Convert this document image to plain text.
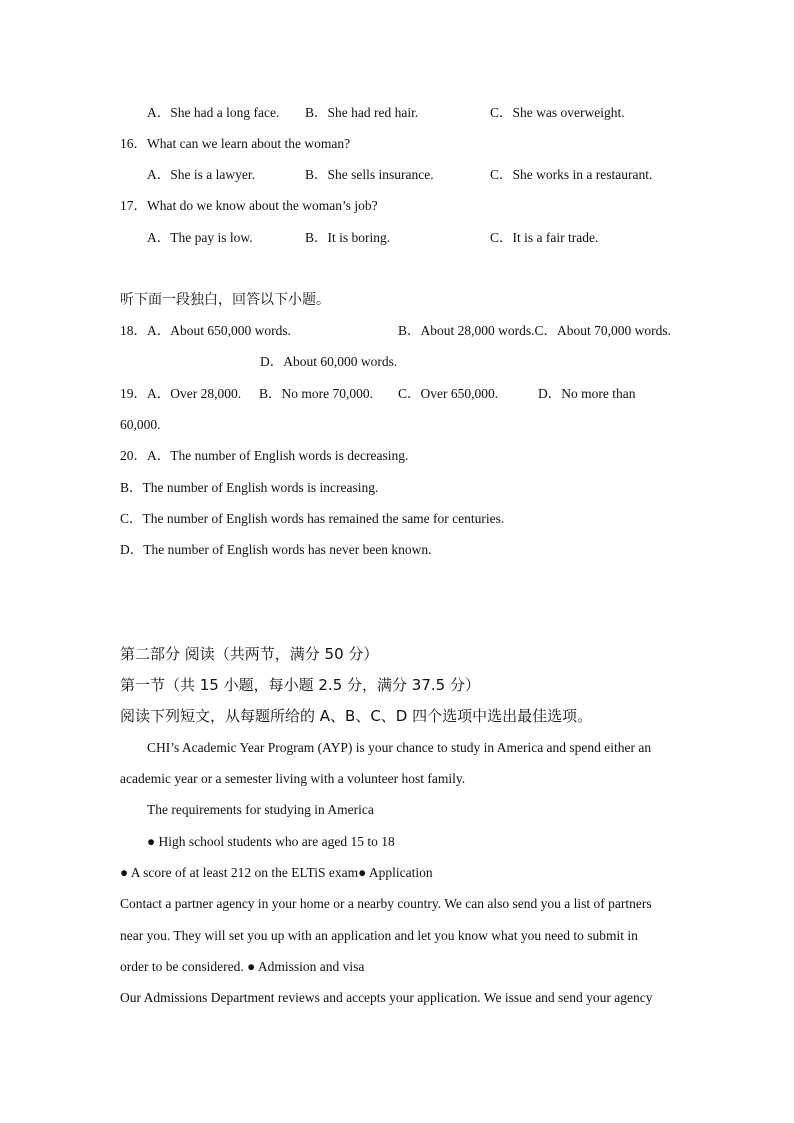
A．She had a long face. B．She had red hair.	C．She was overweight.
16．What can we learn about the woman?
A．She is a lawyer.	B．She sells insurance.	C．She works in a restaurant.
17．What do we know about the woman’s job?
A．The pay is low.	B．It is boring.	C．It is a fair trade.
听下面一段独白，回答以下小题。
18．A．About 650,000 words.	B．About 28,000 words.C．About 70,000 words.
D．About 60,000 words.
19．A．Over 28,000. B．No more 70,000. C．Over 650,000.	D．No more than
60,000.
20．A．The number of English words is decreasing.
B．The number of English words is increasing.
C．The number of English words has remained the same for centuries.
D．The number of English words has never been known.
第二部分 阅读（共两节，满分 50 分）
第一节（共 15 小题，每小题 2.5 分，满分 37.5 分）
阅读下列短文，从每题所给的 A、B、C、D 四个选项中选出最佳选项。
CHI’s Academic Year Program (AYP) is your chance to study in America and spend either an
academic year or a semester living with a volunteer host family.
The requirements for studying in America
● High school students who are aged 15 to 18
● A score of at least 212 on the ELTiS exam● Application
Contact a partner agency in your home or a nearby country. We can also send you a list of partners
near you. They will set you up with an application and let you know what you need to submit in
order to be considered. ● Admission and visa
Our Admissions Department reviews and accepts your application. We issue and send your agency
